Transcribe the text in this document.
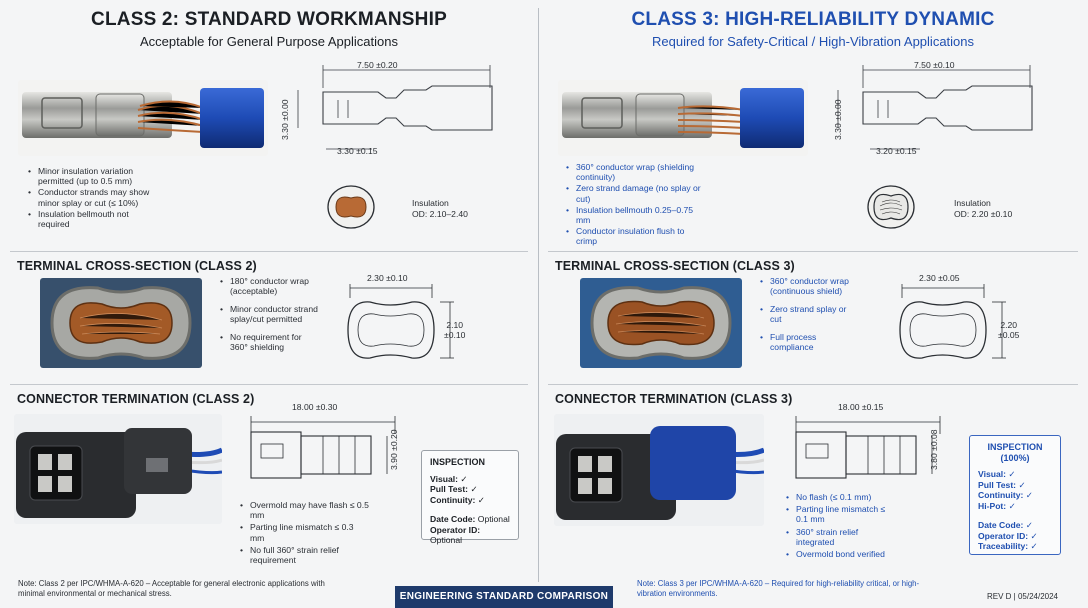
CLASS 2: STANDARD WORKMANSHIP
Acceptable for General Purpose Applications
• Minor insulation variation permitted (up to 0.5 mm)
• Conductor strands may show minor splay or cut (≤ 10%)
• Insulation bellmouth not required
7.50 ±0.20
3.30 ±0.00
3.30 ±0.15
Insulation
OD: 2.10–2.40
TERMINAL CROSS-SECTION (CLASS 2)
• 180° conductor wrap (acceptable)
• Minor conductor strand splay/cut permitted
• No requirement for 360° shielding
2.30 ±0.10
2.10
±0.10
CONNECTOR TERMINATION (CLASS 2)
18.00 ±0.30
3.90 ±0.20
• Overmold may have flash ≤ 0.5 mm
• Parting line mismatch ≤ 0.3 mm
• No full 360° strain relief requirement
INSPECTION
Visual: ✓
Pull Test: ✓
Continuity: ✓
Date Code: Optional
Operator ID: Optional
Note: Class 2 per IPC/WHMA-A-620 – Acceptable for general electronic applications with minimal environmental or mechanical stress.
CLASS 3: HIGH-RELIABILITY DYNAMIC
Required for Safety-Critical / High-Vibration Applications
• 360° conductor wrap (shielding continuity)
• Zero strand damage (no splay or cut)
• Insulation bellmouth 0.25–0.75 mm
• Conductor insulation flush to crimp
7.50 ±0.10
3.30 ±0.00
3.20 ±0.15
Insulation
OD: 2.20 ±0.10
TERMINAL CROSS-SECTION (CLASS 3)
• 360° conductor wrap (continuous shield)
• Zero strand splay or cut
• Full process compliance
2.30 ±0.05
2.20
±0.05
CONNECTOR TERMINATION (CLASS 3)
18.00 ±0.15
3.80 ±0.08
• No flash (≤ 0.1 mm)
• Parting line mismatch ≤ 0.1 mm
• 360° strain relief integrated
• Overmold bond verified
INSPECTION (100%)
Visual: ✓
Pull Test: ✓
Continuity: ✓
Hi-Pot: ✓
Date Code: ✓
Operator ID: ✓
Traceability: ✓
Note: Class 3 per IPC/WHMA-A-620 – Required for high-reliability critical, or high-vibration environments.
ENGINEERING STANDARD COMPARISON	REV D | 05/24/2024
